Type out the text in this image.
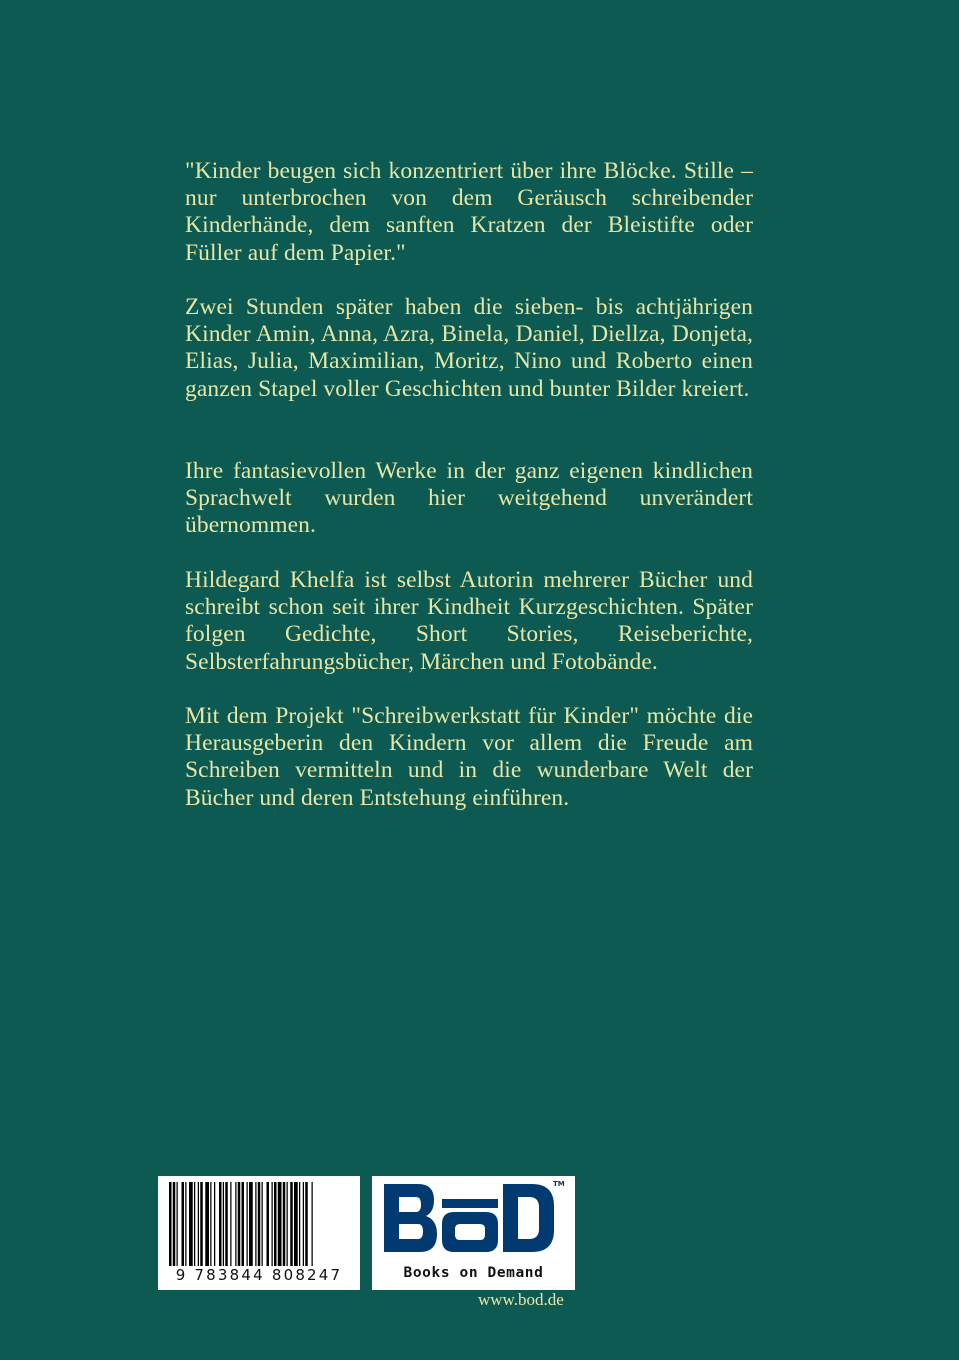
"Kinder beugen sich konzentriert über ihre Blöcke. Stille – nur unterbrochen von dem Geräusch schreibender Kinderhände, dem sanften Kratzen der Bleistifte oder Füller auf dem Papier."
Zwei Stunden später haben die sieben- bis achtjährigen Kinder Amin, Anna, Azra, Binela, Daniel, Diellza, Donjeta, Elias, Julia, Maximilian, Moritz, Nino und Roberto einen ganzen Stapel voller Geschichten und bunter Bilder kreiert.
Ihre fantasievollen Werke in der ganz eigenen kindlichen Sprachwelt wurden hier weitgehend unverändert übernommen.
Hildegard Khelfa ist selbst Autorin mehrerer Bücher und schreibt schon seit ihrer Kindheit Kurzgeschichten. Später folgen Gedichte, Short Stories, Reiseberichte, Selbsterfahrungsbücher, Märchen und Fotobände.
Mit dem Projekt "Schreibwerkstatt für Kinder" möchte die Herausgeberin den Kindern vor allem die Freude am Schreiben vermitteln und in die wunderbare Welt der Bücher und deren Entstehung einführen.
9 783844 808247
TM
Books on Demand
www.bod.de
